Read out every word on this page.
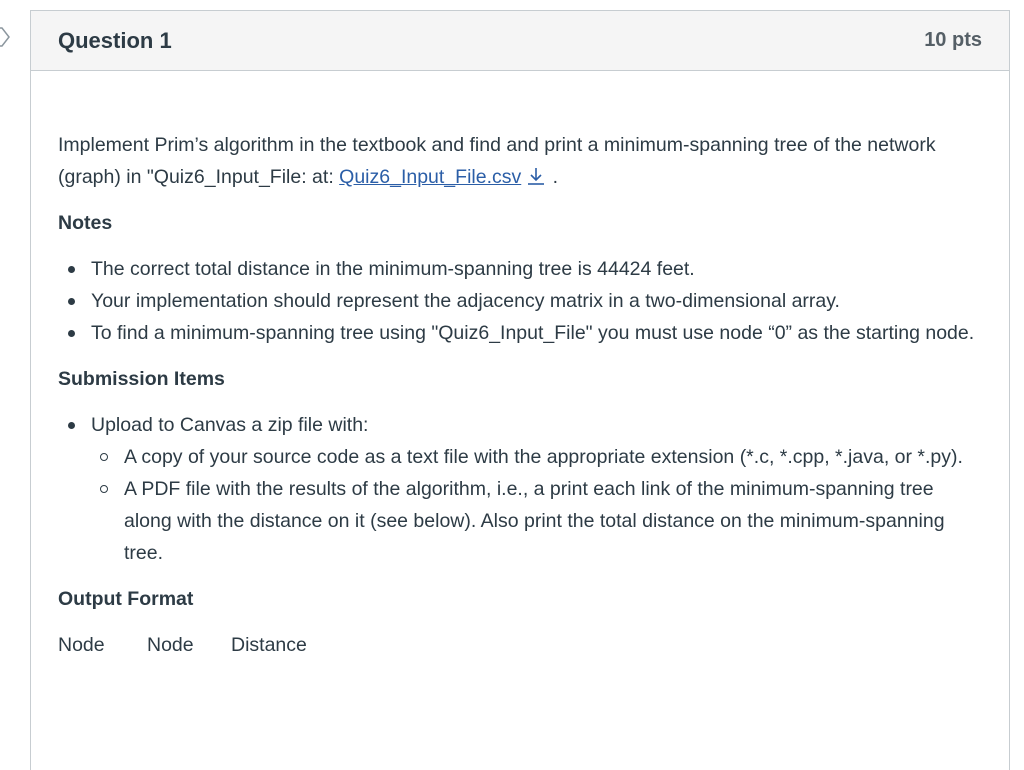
Question 1	10 pts

Implement Prim’s algorithm in the textbook and find and print a minimum-spanning tree of the network (graph) in "Quiz6_Input_File: at: Quiz6_Input_File.csv .

Notes

The correct total distance in the minimum-spanning tree is 44424 feet.
Your implementation should represent the adjacency matrix in a two-dimensional array.
To find a minimum-spanning tree using "Quiz6_Input_File" you must use node “0” as the starting node.

Submission Items

Upload to Canvas a zip file with:
A copy of your source code as a text file with the appropriate extension (*.c, *.cpp, *.java, or *.py).
A PDF file with the results of the algorithm, i.e., a print each link of the minimum-spanning tree along with the distance on it (see below). Also print the total distance on the minimum-spanning tree.

Output Format

Node	Node	Distance
